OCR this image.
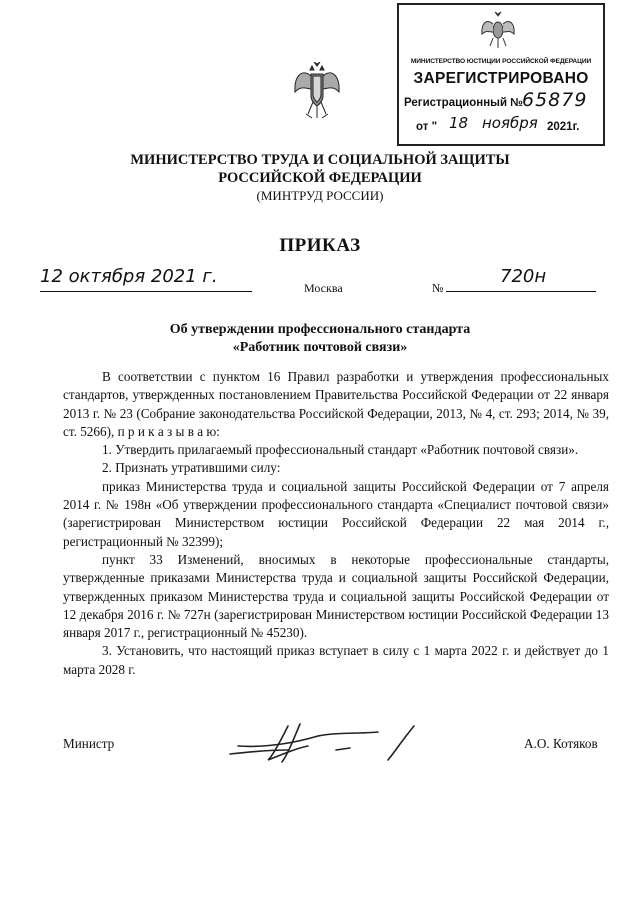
МИНИСТЕРСТВО ЮСТИЦИИ РОССИЙСКОЙ ФЕДЕРАЦИИ
ЗАРЕГИСТРИРОВАНО
Регистрационный №
65879
от " 18 ноября 2021г.
МИНИСТЕРСТВО ТРУДА И СОЦИАЛЬНОЙ ЗАЩИТЫ
РОССИЙСКОЙ ФЕДЕРАЦИИ
(МИНТРУД РОССИИ)
ПРИКАЗ
12 октября 2021 г.
Москва	№
720н
Об утверждении профессионального стандарта
«Работник почтовой связи»

В соответствии с пунктом 16 Правил разработки и утверждения профессиональных стандартов, утвержденных постановлением Правительства Российской Федерации от 22 января 2013 г. № 23 (Собрание законодательства Российской Федерации, 2013, № 4, ст. 293; 2014, № 39, ст. 5266), п р и к а з ы в а ю:

1. Утвердить прилагаемый профессиональный стандарт «Работник почтовой связи».

2. Признать утратившими силу:

приказ Министерства труда и социальной защиты Российской Федерации от 7 апреля 2014 г. № 198н «Об утверждении профессионального стандарта «Специалист почтовой связи» (зарегистрирован Министерством юстиции Российской Федерации 22 мая 2014 г., регистрационный № 32399);

пункт 33 Изменений, вносимых в некоторые профессиональные стандарты, утвержденные приказами Министерства труда и социальной защиты Российской Федерации, утвержденных приказом Министерства труда и социальной защиты Российской Федерации от 12 декабря 2016 г. № 727н (зарегистрирован Министерством юстиции Российской Федерации 13 января 2017 г., регистрационный № 45230).

3. Установить, что настоящий приказ вступает в силу с 1 марта 2022 г. и действует до 1 марта 2028 г.

Министр	А.О. Котяков
